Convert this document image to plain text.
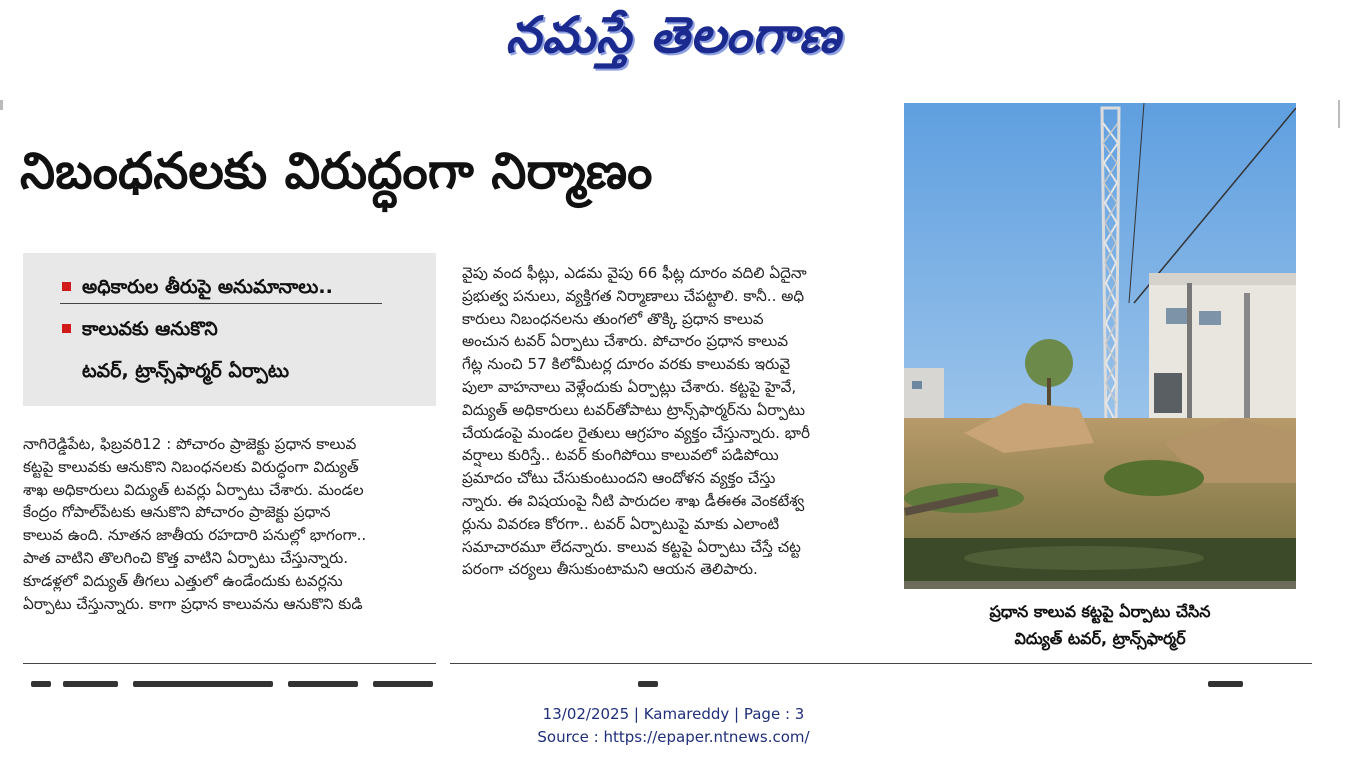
నమస్తే తెలంగాణ
నిబంధనలకు విరుద్ధంగా నిర్మాణం
అధికారుల తీరుపై అనుమానాలు..
కాలువకు ఆనుకొని
టవర్, ట్రాన్స్‌ఫార్మర్ ఏర్పాటు

నాగిరెడ్డిపేట, ఫిబ్రవరి12 : పోచారం ప్రాజెక్టు ప్రధాన కాలువ

కట్టపై కాలువకు ఆనుకొని నిబంధనలకు విరుద్ధంగా విద్యుత్

శాఖ అధికారులు విద్యుత్ టవర్లు ఏర్పాటు చేశారు. మండల

కేంద్రం గోపాల్‌పేటకు ఆనుకొని పోచారం ప్రాజెక్టు ప్రధాన

కాలువ ఉంది. నూతన జాతీయ రహదారి పనుల్లో భాగంగా..

పాత వాటిని తొలగించి కొత్త వాటిని ఏర్పాటు చేస్తున్నారు.

కూడళ్లలో విద్యుత్ తీగలు ఎత్తులో ఉండేందుకు టవర్లను

ఏర్పాటు చేస్తున్నారు. కాగా ప్రధాన కాలువను ఆనుకొని కుడి

వైపు వంద ఫీట్లు, ఎడమ వైపు 66 ఫీట్ల దూరం వదిలి ఏదైనా

ప్రభుత్వ పనులు, వ్యక్తిగత నిర్మాణాలు చేపట్టాలి. కానీ.. అధి

కారులు నిబంధనలను తుంగలో తొక్కి ప్రధాన కాలువ

అంచున టవర్ ఏర్పాటు చేశారు. పోచారం ప్రధాన కాలువ

గేట్ల నుంచి 57 కిలోమీటర్ల దూరం వరకు కాలువకు ఇరువై

పులా వాహనాలు వెళ్లేందుకు ఏర్పాట్లు చేశారు. కట్టపై హైవే,

విద్యుత్ అధికారులు టవర్‌తోపాటు ట్రాన్స్‌ఫార్మర్‌ను ఏర్పాటు

చేయడంపై మండల రైతులు ఆగ్రహం వ్యక్తం చేస్తున్నారు. భారీ

వర్షాలు కురిస్తే.. టవర్ కుంగిపోయి కాలువలో పడిపోయి

ప్రమాదం చోటు చేసుకుంటుందని ఆందోళన వ్యక్తం చేస్తు

న్నారు. ఈ విషయంపై నీటి పారుదల శాఖ డీఈఈ వెంకటేశ్వ

ర్లును వివరణ కోరగా.. టవర్ ఏర్పాటుపై మాకు ఎలాంటి

సమాచారమూ లేదన్నారు. కాలువ కట్టపై ఏర్పాటు చేస్తే చట్ట

పరంగా చర్యలు తీసుకుంటామని ఆయన తెలిపారు.

ప్రధాన కాలువ కట్టపై ఏర్పాటు చేసిన

విద్యుత్ టవర్, ట్రాన్స్‌ఫార్మర్

13/02/2025 | Kamareddy | Page : 3

Source : https://epaper.ntnews.com/
